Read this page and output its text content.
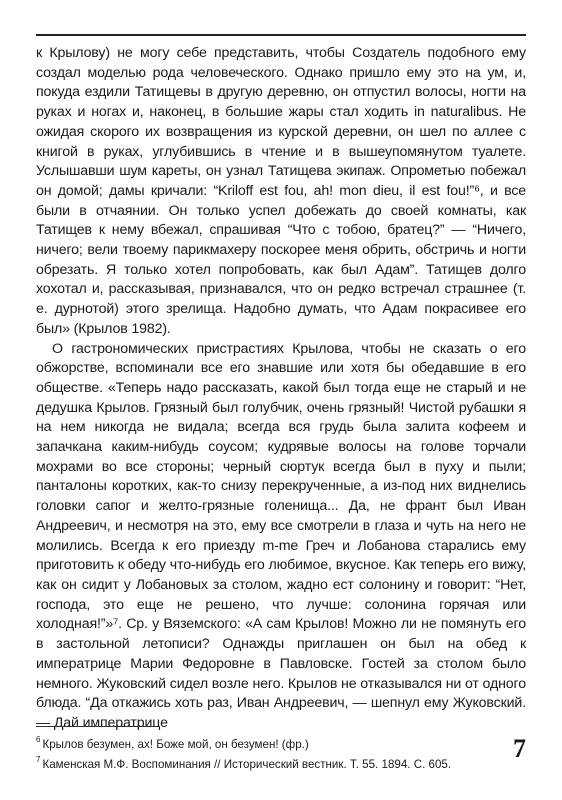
к Крылову) не могу себе представить, чтобы Создатель подобного ему создал моделью рода человеческого. Однако пришло ему это на ум, и, покуда ездили Татищевы в другую деревню, он отпустил волосы, ногти на руках и ногах и, наконец, в большие жары стал ходить in naturalibus. Не ожидая скорого их возвращения из курской деревни, он шел по аллее с книгой в руках, углубившись в чтение и в вышеупомянутом туалете. Услышавши шум кареты, он узнал Татищева экипаж. Опрометью побежал он домой; дамы кричали: “Kriloff est fou, ah! mon dieu, il est fou!”⁶, и все были в отчаянии. Он только успел добежать до своей комнаты, как Татищев к нему вбежал, спрашивая “Что с тобою, братец?” — “Ничего, ничего; вели твоему парикмахеру поскорее меня обрить, обстричь и ногти обрезать. Я только хотел попробовать, как был Адам”. Татищев долго хохотал и, рассказывая, признавался, что он редко встречал страшнее (т. е. дурнотой) этого зрелища. Надобно думать, что Адам покрасивее его был» (Крылов 1982).

О гастрономических пристрастиях Крылова, чтобы не сказать о его обжорстве, вспоминали все его знавшие или хотя бы обедавшие в его обществе. «Теперь надо рассказать, какой был тогда еще не старый и не дедушка Крылов. Грязный был голубчик, очень грязный! Чистой рубашки я на нем никогда не видала; всегда вся грудь была залита кофеем и запачкана каким-нибудь соусом; кудрявые волосы на голове торчали мохрами во все стороны; черный сюртук всегда был в пуху и пыли; панталоны коротких, как-то снизу перекрученные, а из-под них виднелись головки сапог и желто-грязные голенища... Да, не франт был Иван Андреевич, и несмотря на это, ему все смотрели в глаза и чуть на него не молились. Всегда к его приезду m-me Греч и Лобанова старались ему приготовить к обеду что-нибудь его любимое, вкусное. Как теперь его вижу, как он сидит у Лобановых за столом, жадно ест солонину и говорит: “Нет, господа, это еще не решено, что лучше: солонина горячая или холодная!”»⁷. Ср. у Вяземского: «А сам Крылов! Можно ли не помянуть его в застольной летописи? Однажды приглашен он был на обед к императрице Марии Федоровне в Павловске. Гостей за столом было немного. Жуковский сидел возле него. Крылов не отказывался ни от одного блюда. “Да откажись хоть раз, Иван Андреевич, — шепнул ему Жуковский. — Дай императрице

$^6$ Крылов безумен, ах! Боже мой, он безумен! (фр.)
$^7$ Каменская М.Ф. Воспоминания // Исторический вестник. Т. 55. 1894. С. 605.
7
